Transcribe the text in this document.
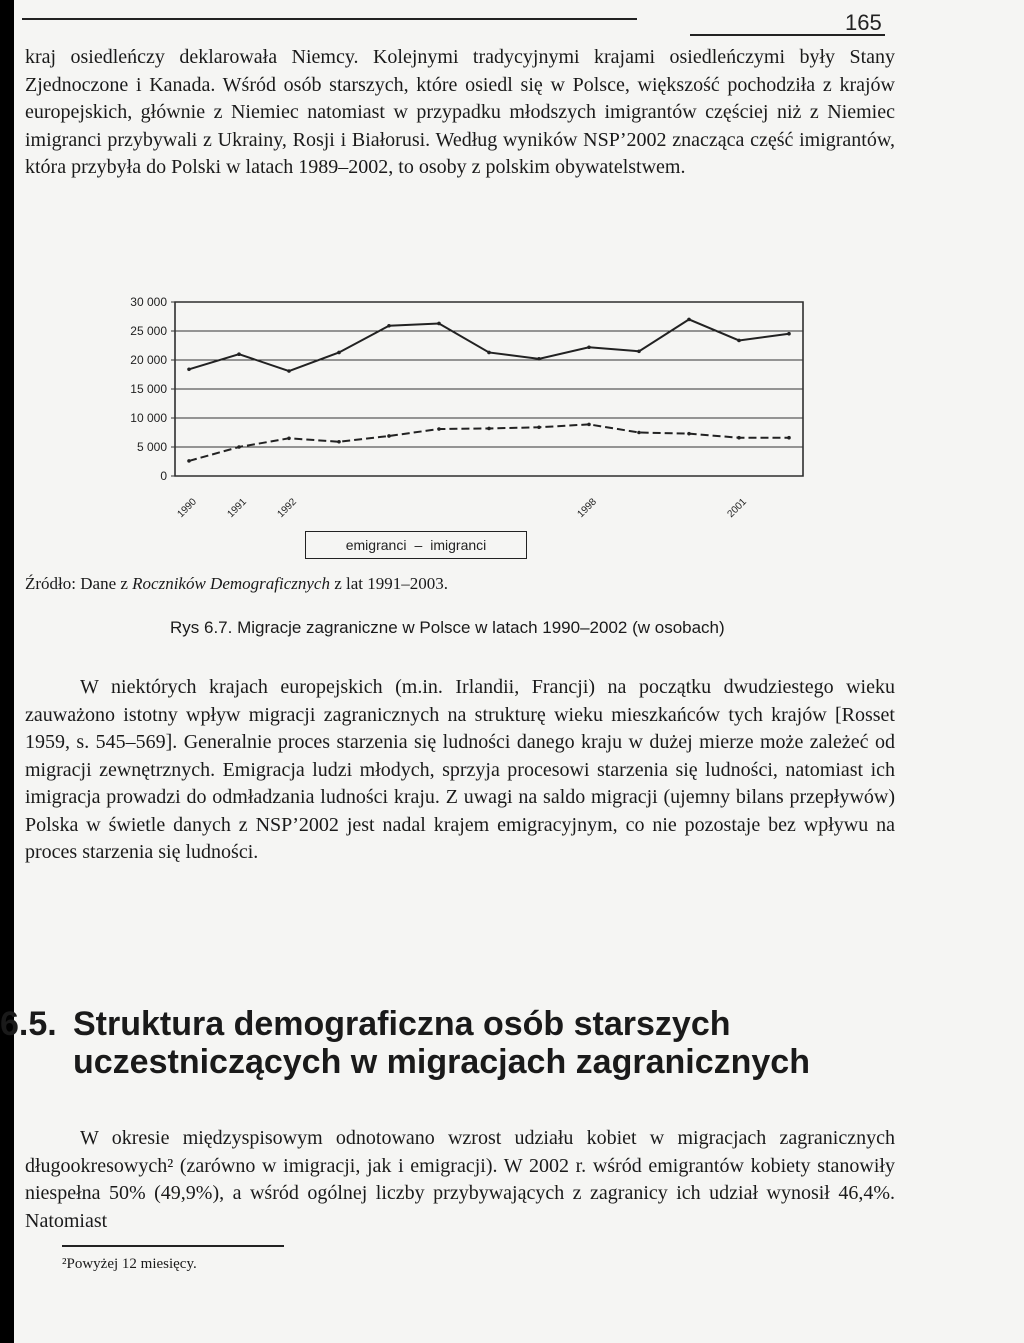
165

kraj osiedleńczy deklarowała Niemcy. Kolejnymi tradycyjnymi krajami osiedleńczymi były Stany Zjednoczone i Kanada. Wśród osób starszych, które osiedl się w Polsce, większość pochodziła z krajów europejskich, głównie z Niemiec natomiast w przypadku młodszych imigrantów częściej niż z Niemiec imigranci przybywali z Ukrainy, Rosji i Białorusi. Według wyników NSP’2002 znacząca część imigrantów, która przybyła do Polski w latach 1989–2002, to osoby z polskim obywatelstwem.

30 000
25 000
20 000
15 000
10 000
5 000
0
1990	1991	1992	1998	2001
emigranci – imigranci
Źródło: Dane z Roczników Demograficznych z lat 1991–2003.
Rys 6.7. Migracje zagraniczne w Polsce w latach 1990–2002 (w osobach)

W niektórych krajach europejskich (m.in. Irlandii, Francji) na początku dwudziestego wieku zauważono istotny wpływ migracji zagranicznych na strukturę wieku mieszkańców tych krajów [Rosset 1959, s. 545–569]. Generalnie proces starzenia się ludności danego kraju w dużej mierze może zależeć od migracji zewnętrznych. Emigracja ludzi młodych, sprzyja procesowi starzenia się ludności, natomiast ich imigracja prowadzi do odmładzania ludności kraju. Z uwagi na saldo migracji (ujemny bilans przepływów) Polska w świetle danych z NSP’2002 jest nadal krajem emigracyjnym, co nie pozostaje bez wpływu na proces starzenia się ludności.

6.5. Struktura demograficzna osób starszych uczestniczących w migracjach zagranicznych

W okresie międzyspisowym odnotowano wzrost udziału kobiet w migracjach zagranicznych długookresowych² (zarówno w imigracji, jak i emigracji). W 2002 r. wśród emigrantów kobiety stanowiły niespełna 50% (49,9%), a wśród ogólnej liczby przybywających z zagranicy ich udział wynosił 46,4%. Natomiast

²Powyżej 12 miesięcy.
